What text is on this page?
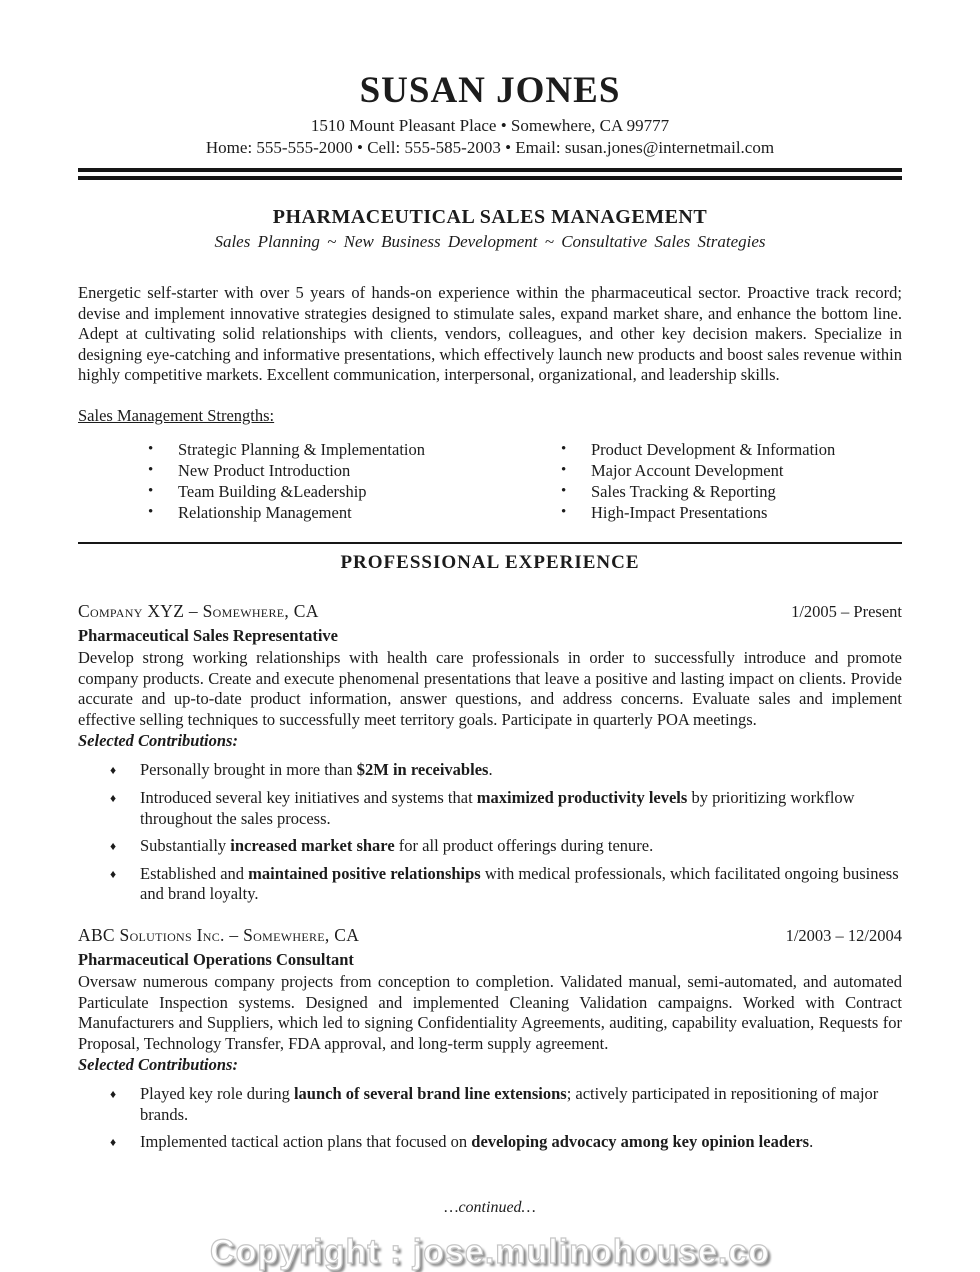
SUSAN JONES
1510 Mount Pleasant Place • Somewhere, CA 99777
Home: 555-555-2000 • Cell: 555-585-2003 • Email: susan.jones@internetmail.com
PHARMACEUTICAL SALES MANAGEMENT
Sales Planning ~ New Business Development ~ Consultative Sales Strategies
Energetic self-starter with over 5 years of hands-on experience within the pharmaceutical sector. Proactive track record; devise and implement innovative strategies designed to stimulate sales, expand market share, and enhance the bottom line. Adept at cultivating solid relationships with clients, vendors, colleagues, and other key decision makers. Specialize in designing eye-catching and informative presentations, which effectively launch new products and boost sales revenue within highly competitive markets. Excellent communication, interpersonal, organizational, and leadership skills.
Sales Management Strengths:
•	Strategic Planning & Implementation
•	New Product Introduction
•	Team Building &Leadership
•	Relationship Management
•	Product Development & Information
•	Major Account Development
•	Sales Tracking & Reporting
•	High-Impact Presentations
PROFESSIONAL EXPERIENCE
Company XYZ – Somewhere, CA	1/2005 – Present
Pharmaceutical Sales Representative
Develop strong working relationships with health care professionals in order to successfully introduce and promote company products. Create and execute phenomenal presentations that leave a positive and lasting impact on clients. Provide accurate and up-to-date product information, answer questions, and address concerns. Evaluate sales and implement effective selling techniques to successfully meet territory goals. Participate in quarterly POA meetings.
Selected Contributions:
♦ Personally brought in more than $2M in receivables.
♦ Introduced several key initiatives and systems that maximized productivity levels by prioritizing workflow throughout the sales process.
♦ Substantially increased market share for all product offerings during tenure.
♦ Established and maintained positive relationships with medical professionals, which facilitated ongoing business and brand loyalty.
ABC Solutions Inc. – Somewhere, CA	1/2003 – 12/2004
Pharmaceutical Operations Consultant
Oversaw numerous company projects from conception to completion. Validated manual, semi-automated, and automated Particulate Inspection systems. Designed and implemented Cleaning Validation campaigns. Worked with Contract Manufacturers and Suppliers, which led to signing Confidentiality Agreements, auditing, capability evaluation, Requests for Proposal, Technology Transfer, FDA approval, and long-term supply agreement.
Selected Contributions:
♦ Played key role during launch of several brand line extensions; actively participated in repositioning of major brands.
♦ Implemented tactical action plans that focused on developing advocacy among key opinion leaders.
…continued…
Copyright : jose.mulinohouse.co
